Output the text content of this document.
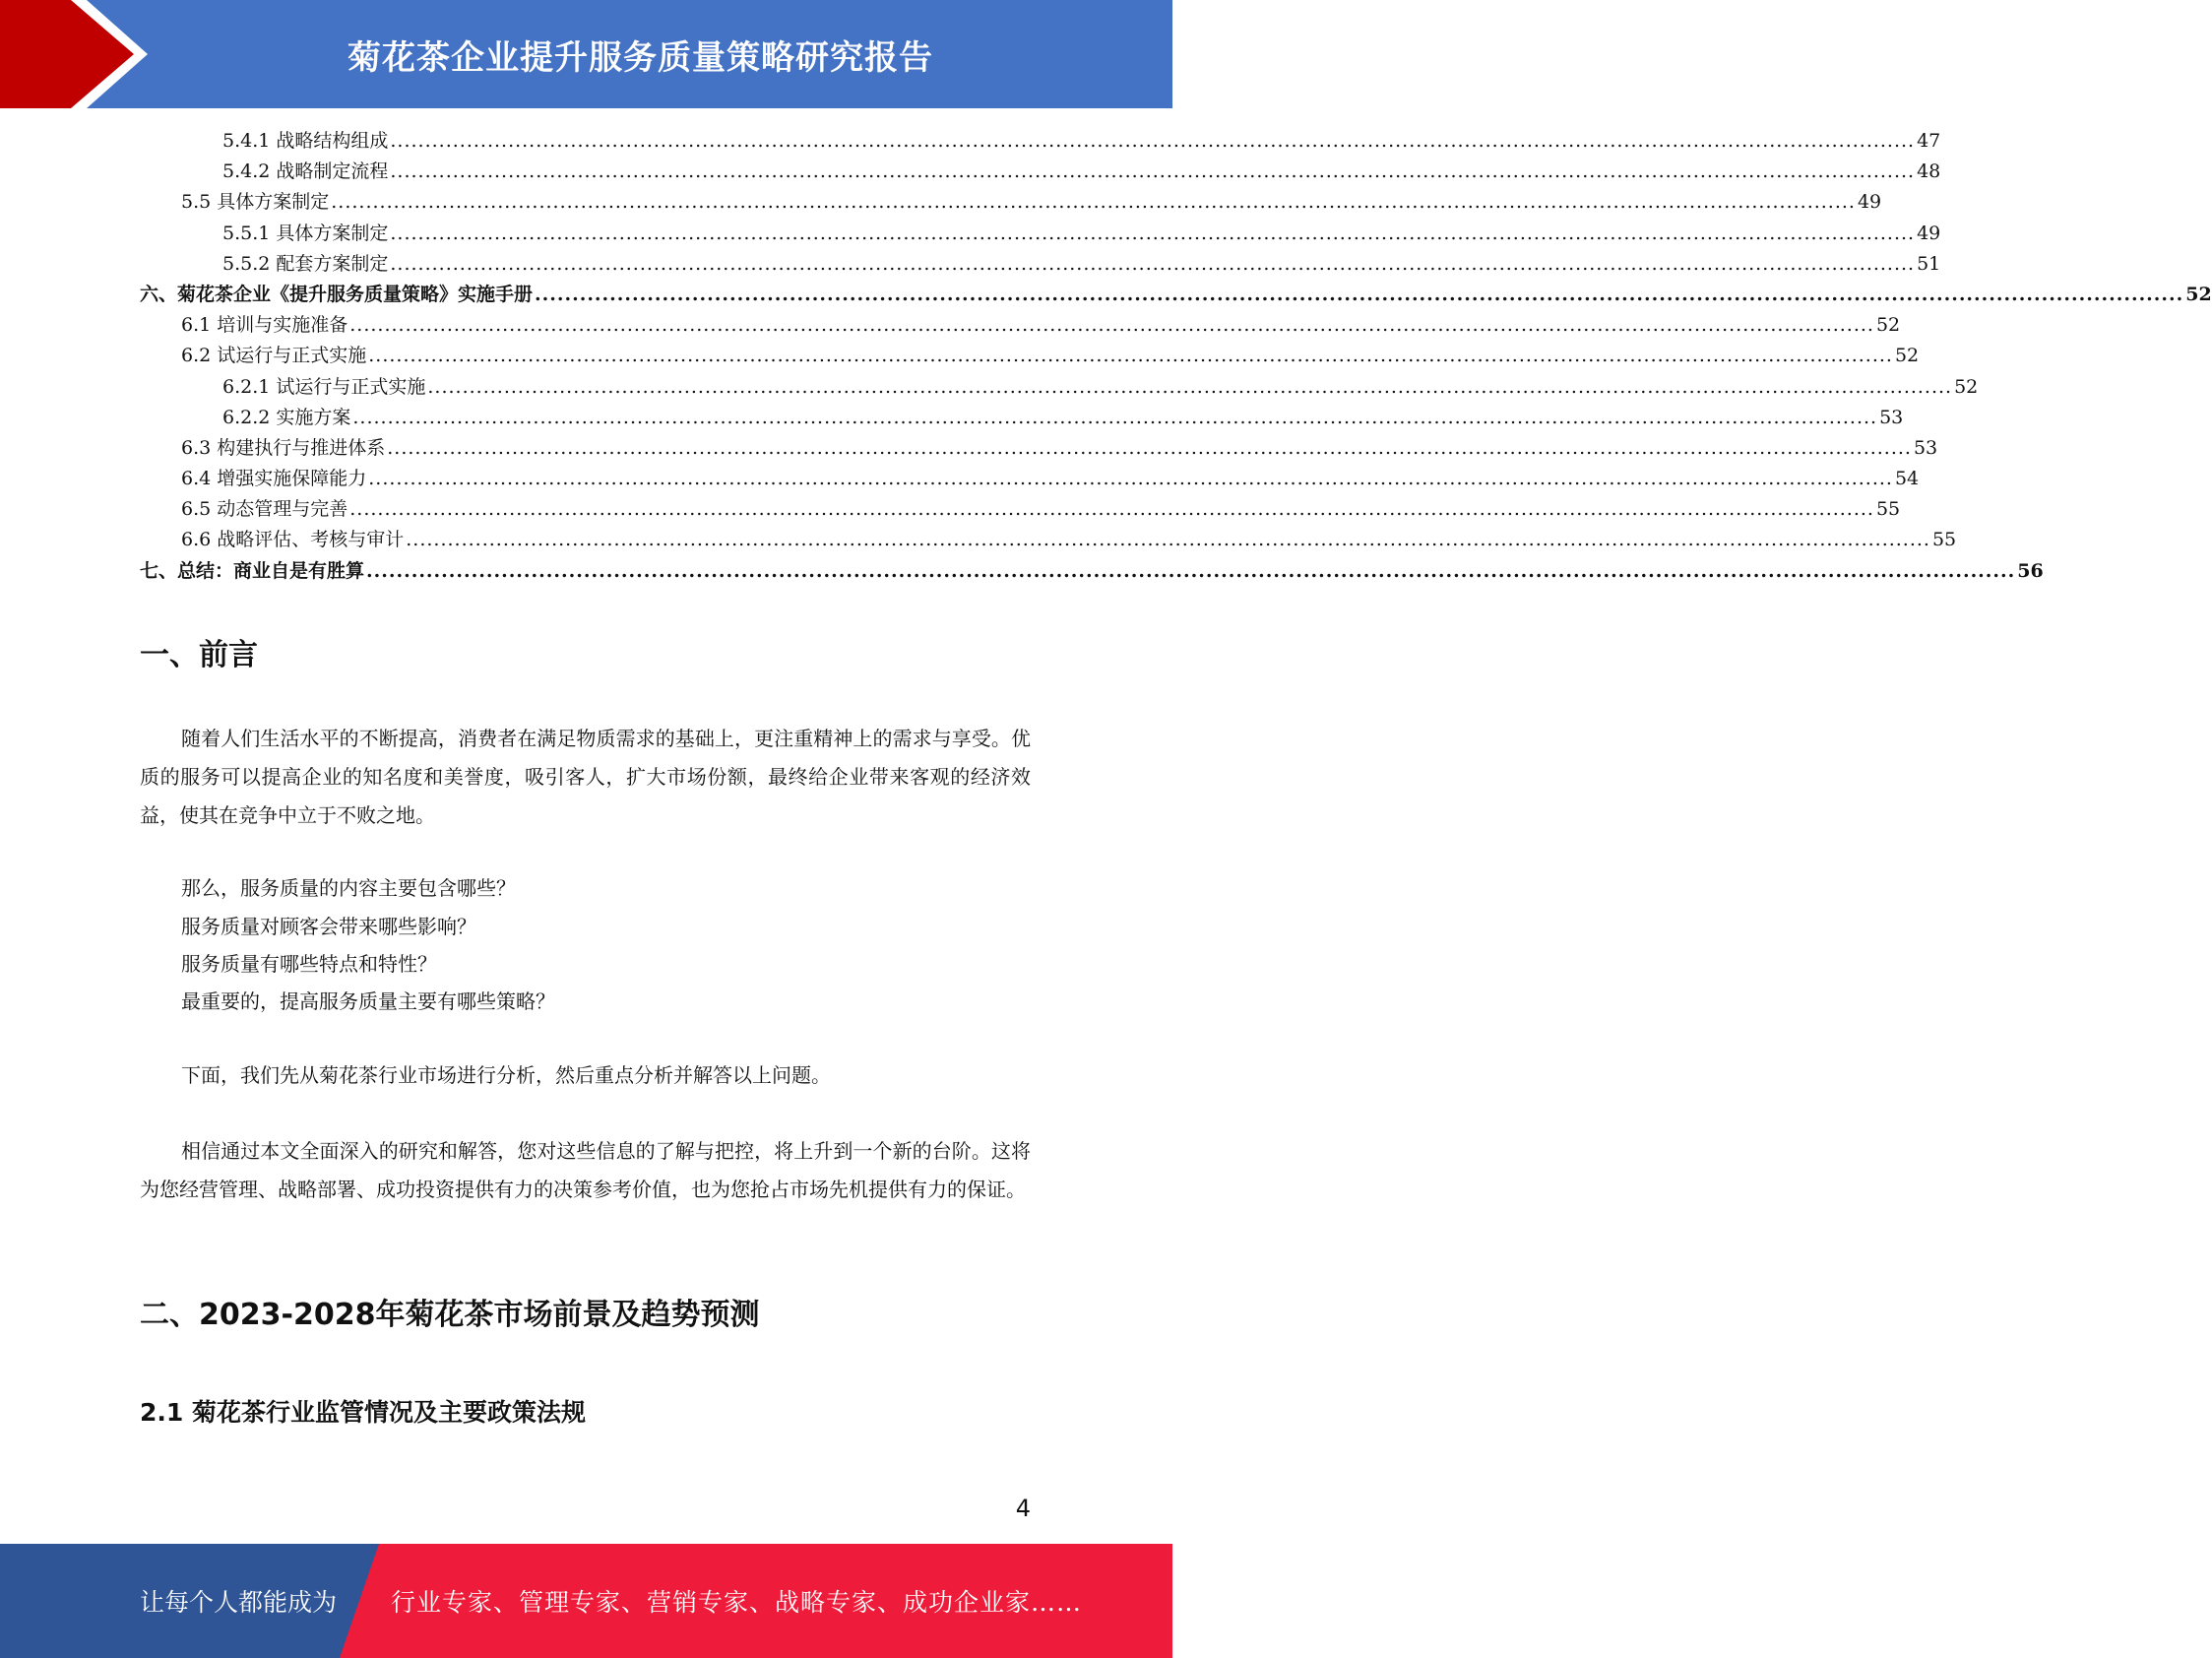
菊花茶企业提升服务质量策略研究报告
5.4.1 战略结构组成 ............................................................................................................................................................................................................................ 47
5.4.2 战略制定流程 ............................................................................................................................................................................................................................ 48
5.5 具体方案制定 ............................................................................................................................................................................................................................ 49
5.5.1 具体方案制定 ............................................................................................................................................................................................................................ 49
5.5.2 配套方案制定 ............................................................................................................................................................................................................................ 51
六、菊花茶企业《提升服务质量策略》实施手册 ............................................................................................................................................................................................................................ 52
6.1 培训与实施准备 ............................................................................................................................................................................................................................ 52
6.2 试运行与正式实施 ............................................................................................................................................................................................................................ 52
6.2.1 试运行与正式实施 ............................................................................................................................................................................................................................ 52
6.2.2 实施方案 ............................................................................................................................................................................................................................ 53
6.3 构建执行与推进体系 ............................................................................................................................................................................................................................ 53
6.4 增强实施保障能力 ............................................................................................................................................................................................................................ 54
6.5 动态管理与完善 ............................................................................................................................................................................................................................ 55
6.6 战略评估、考核与审计 ............................................................................................................................................................................................................................ 55
七、总结：商业自是有胜算 ............................................................................................................................................................................................................................ 56
一、前言

随着人们生活水平的不断提高，消费者在满足物质需求的基础上，更注重精神上的需求与享受。优质的服务可以提高企业的知名度和美誉度，吸引客人，扩大市场份额，最终给企业带来客观的经济效益，使其在竞争中立于不败之地。

那么，服务质量的内容主要包含哪些？

服务质量对顾客会带来哪些影响？

服务质量有哪些特点和特性？

最重要的，提高服务质量主要有哪些策略？

下面，我们先从菊花茶行业市场进行分析，然后重点分析并解答以上问题。

相信通过本文全面深入的研究和解答，您对这些信息的了解与把控，将上升到一个新的台阶。这将为您经营管理、战略部署、成功投资提供有力的决策参考价值，也为您抢占市场先机提供有力的保证。

二、2023-2028年菊花茶市场前景及趋势预测
2.1 菊花茶行业监管情况及主要政策法规
4
让每个人都能成为 行业专家、管理专家、营销专家、战略专家、成功企业家……
